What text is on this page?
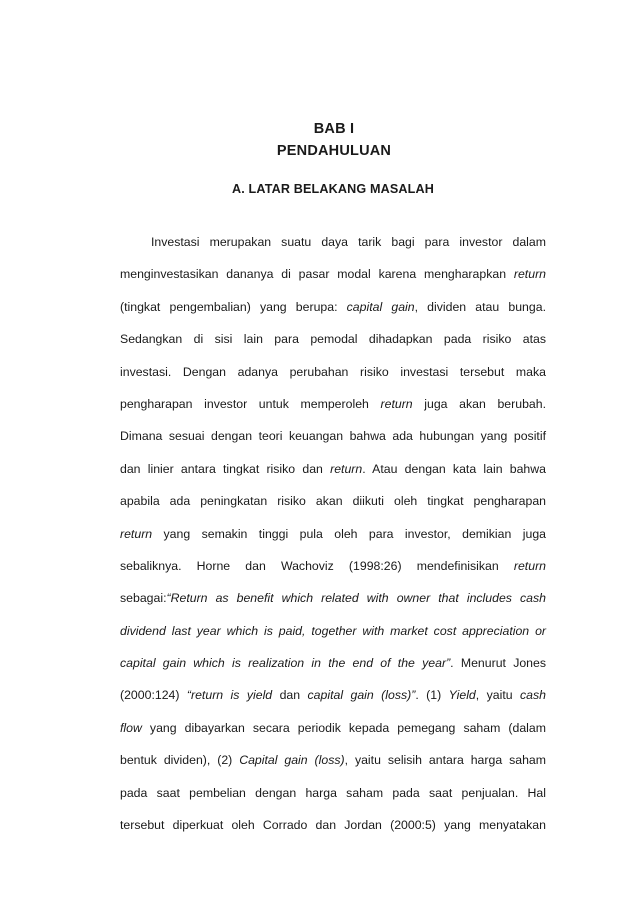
BAB I
PENDAHULUAN
A. LATAR BELAKANG MASALAH
Investasi merupakan suatu daya tarik bagi para investor dalam
menginvestasikan dananya di pasar modal karena mengharapkan return
(tingkat pengembalian) yang berupa: capital gain, dividen atau bunga.
Sedangkan di sisi lain para pemodal dihadapkan pada risiko atas
investasi. Dengan adanya perubahan risiko investasi tersebut maka
pengharapan investor untuk memperoleh return juga akan berubah.
Dimana sesuai dengan teori keuangan bahwa ada hubungan yang positif
dan linier antara tingkat risiko dan return. Atau dengan kata lain bahwa
apabila ada peningkatan risiko akan diikuti oleh tingkat pengharapan
return yang semakin tinggi pula oleh para investor, demikian juga
sebaliknya. Horne dan Wachoviz (1998:26) mendefinisikan return
sebagai:“Return as benefit which related with owner that includes cash
dividend last year which is paid, together with market cost appreciation or
capital gain which is realization in the end of the year”. Menurut Jones
(2000:124) “return is yield dan capital gain (loss)”. (1) Yield, yaitu cash
flow yang dibayarkan secara periodik kepada pemegang saham (dalam
bentuk dividen), (2) Capital gain (loss), yaitu selisih antara harga saham
pada saat pembelian dengan harga saham pada saat penjualan. Hal
tersebut diperkuat oleh Corrado dan Jordan (2000:5) yang menyatakan
